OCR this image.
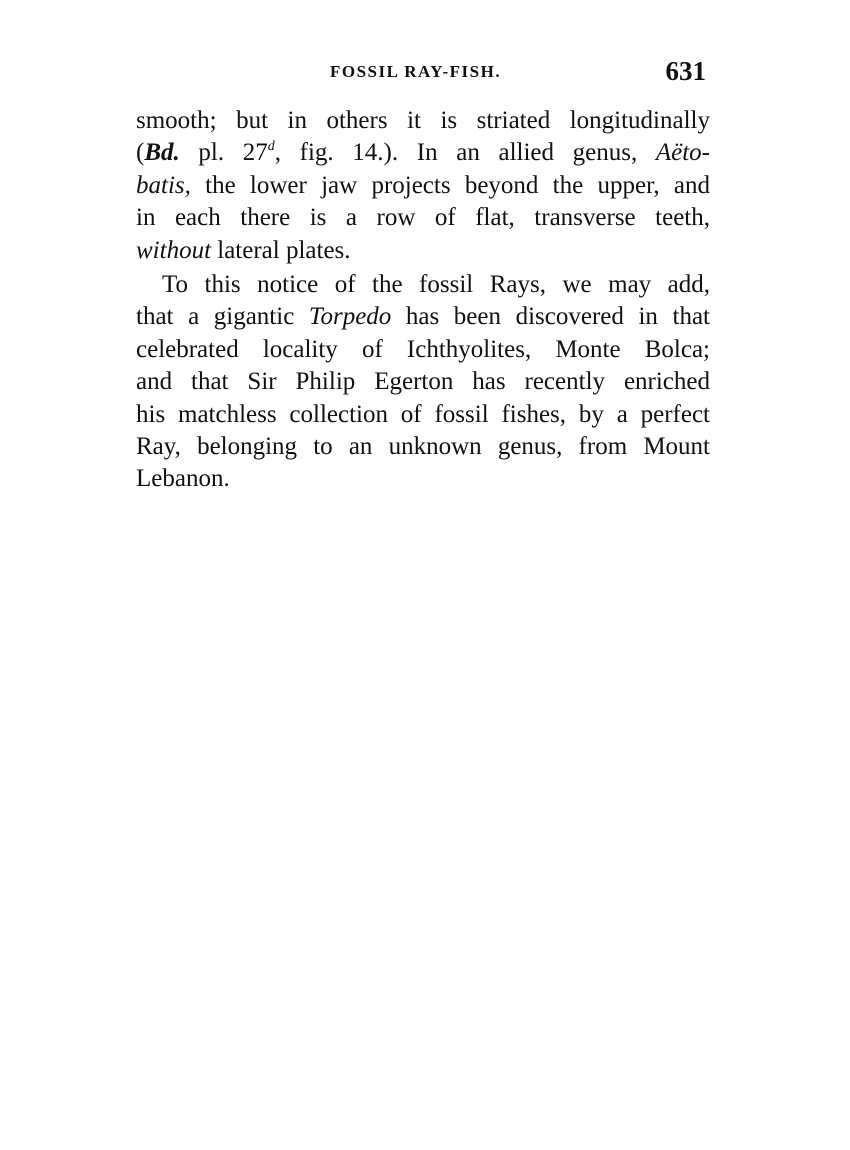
FOSSIL RAY-FISH.	631
smooth; but in others it is striated longitudinally
(Bd. pl. 27$^d$, fig. 14.). In an allied genus, Aëto-
batis, the lower jaw projects beyond the upper, and
in each there is a row of flat, transverse teeth,
without lateral plates.
To this notice of the fossil Rays, we may add,
that a gigantic Torpedo has been discovered in that
celebrated locality of Ichthyolites, Monte Bolca;
and that Sir Philip Egerton has recently enriched
his matchless collection of fossil fishes, by a perfect
Ray, belonging to an unknown genus, from Mount
Lebanon.
